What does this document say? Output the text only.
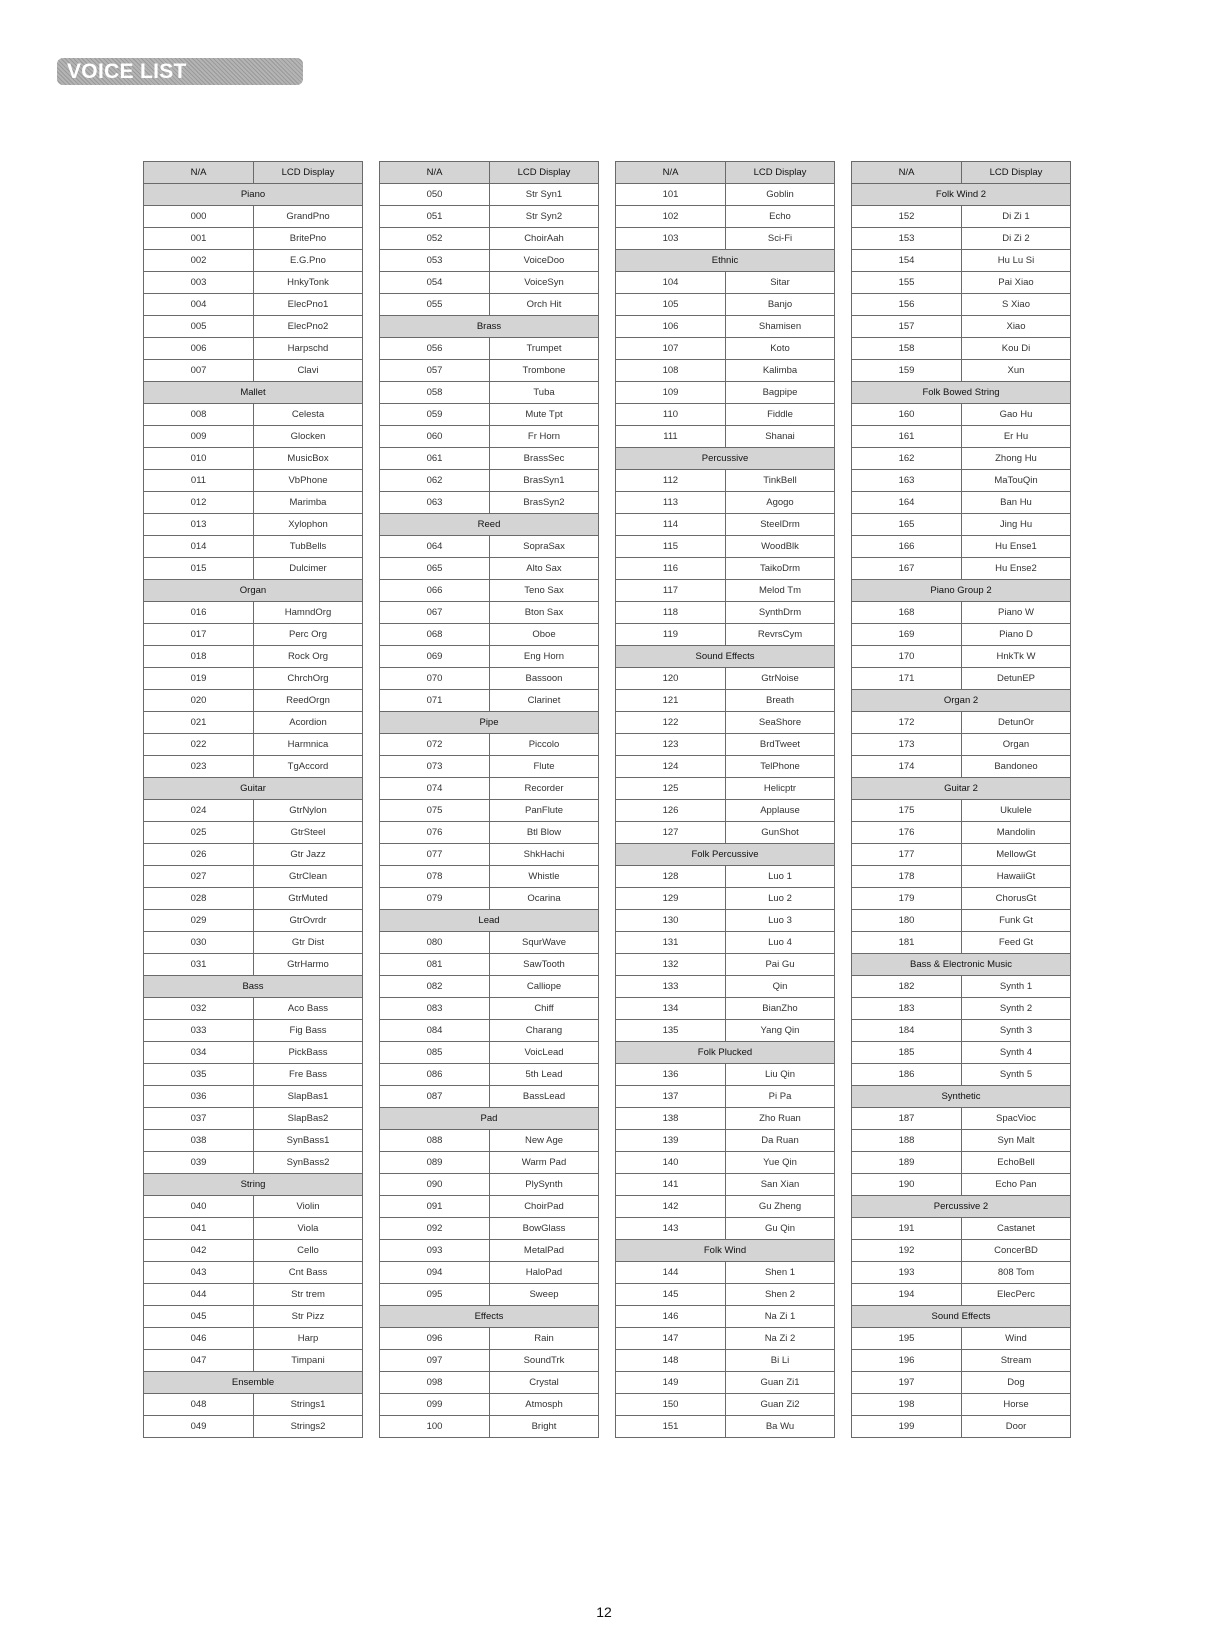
VOICE LIST
N/A	LCD Display
Piano	
000	GrandPno
001	BritePno
002	E.G.Pno
003	HnkyTonk
004	ElecPno1
005	ElecPno2
006	Harpschd
007	Clavi
Mallet	
008	Celesta
009	Glocken
010	MusicBox
011	VbPhone
012	Marimba
013	Xylophon
014	TubBells
015	Dulcimer
Organ	
016	HamndOrg
017	Perc Org
018	Rock Org
019	ChrchOrg
020	ReedOrgn
021	Acordion
022	Harmnica
023	TgAccord
Guitar	
024	GtrNylon
025	GtrSteel
026	Gtr Jazz
027	GtrClean
028	GtrMuted
029	GtrOvrdr
030	Gtr Dist
031	GtrHarmo
Bass	
032	Aco Bass
033	Fig Bass
034	PickBass
035	Fre Bass
036	SlapBas1
037	SlapBas2
038	SynBass1
039	SynBass2
String	
040	Violin
041	Viola
042	Cello
043	Cnt Bass
044	Str trem
045	Str Pizz
046	Harp
047	Timpani
Ensemble	
048	Strings1
049	Strings2
N/A	LCD Display
050	Str Syn1
051	Str Syn2
052	ChoirAah
053	VoiceDoo
054	VoiceSyn
055	Orch Hit
Brass	
056	Trumpet
057	Trombone
058	Tuba
059	Mute Tpt
060	Fr Horn
061	BrassSec
062	BrasSyn1
063	BrasSyn2
Reed	
064	SopraSax
065	Alto Sax
066	Teno Sax
067	Bton Sax
068	Oboe
069	Eng Horn
070	Bassoon
071	Clarinet
Pipe	
072	Piccolo
073	Flute
074	Recorder
075	PanFlute
076	Btl Blow
077	ShkHachi
078	Whistle
079	Ocarina
Lead	
080	SqurWave
081	SawTooth
082	Calliope
083	Chiff
084	Charang
085	VoicLead
086	5th Lead
087	BassLead
Pad	
088	New Age
089	Warm Pad
090	PlySynth
091	ChoirPad
092	BowGlass
093	MetalPad
094	HaloPad
095	Sweep
Effects	
096	Rain
097	SoundTrk
098	Crystal
099	Atmosph
100	Bright
N/A	LCD Display
101	Goblin
102	Echo
103	Sci-Fi
Ethnic	
104	Sitar
105	Banjo
106	Shamisen
107	Koto
108	Kalimba
109	Bagpipe
110	Fiddle
111	Shanai
Percussive	
112	TinkBell
113	Agogo
114	SteelDrm
115	WoodBlk
116	TaikoDrm
117	Melod Tm
118	SynthDrm
119	RevrsCym
Sound Effects	
120	GtrNoise
121	Breath
122	SeaShore
123	BrdTweet
124	TelPhone
125	Helicptr
126	Applause
127	GunShot
Folk Percussive	
128	Luo 1
129	Luo 2
130	Luo 3
131	Luo 4
132	Pai Gu
133	Qin
134	BianZho
135	Yang Qin
Folk Plucked	
136	Liu Qin
137	Pi Pa
138	Zho Ruan
139	Da Ruan
140	Yue Qin
141	San Xian
142	Gu Zheng
143	Gu Qin
Folk Wind	
144	Shen 1
145	Shen 2
146	Na Zi 1
147	Na Zi 2
148	Bi Li
149	Guan Zi1
150	Guan Zi2
151	Ba Wu
N/A	LCD Display
Folk Wind 2	
152	Di Zi 1
153	Di Zi 2
154	Hu Lu Si
155	Pai Xiao
156	S Xiao
157	Xiao
158	Kou Di
159	Xun
Folk Bowed String	
160	Gao Hu
161	Er Hu
162	Zhong Hu
163	MaTouQin
164	Ban Hu
165	Jing Hu
166	Hu Ense1
167	Hu Ense2
Piano Group 2	
168	Piano W
169	Piano D
170	HnkTk W
171	DetunEP
Organ 2	
172	DetunOr
173	Organ
174	Bandoneo
Guitar 2	
175	Ukulele
176	Mandolin
177	MellowGt
178	HawaiiGt
179	ChorusGt
180	Funk Gt
181	Feed Gt
Bass & Electronic Music	
182	Synth 1
183	Synth 2
184	Synth 3
185	Synth 4
186	Synth 5
Synthetic	
187	SpacVioc
188	Syn Malt
189	EchoBell
190	Echo Pan
Percussive 2	
191	Castanet
192	ConcerBD
193	808 Tom
194	ElecPerc
Sound Effects	
195	Wind
196	Stream
197	Dog
198	Horse
199	Door
12
